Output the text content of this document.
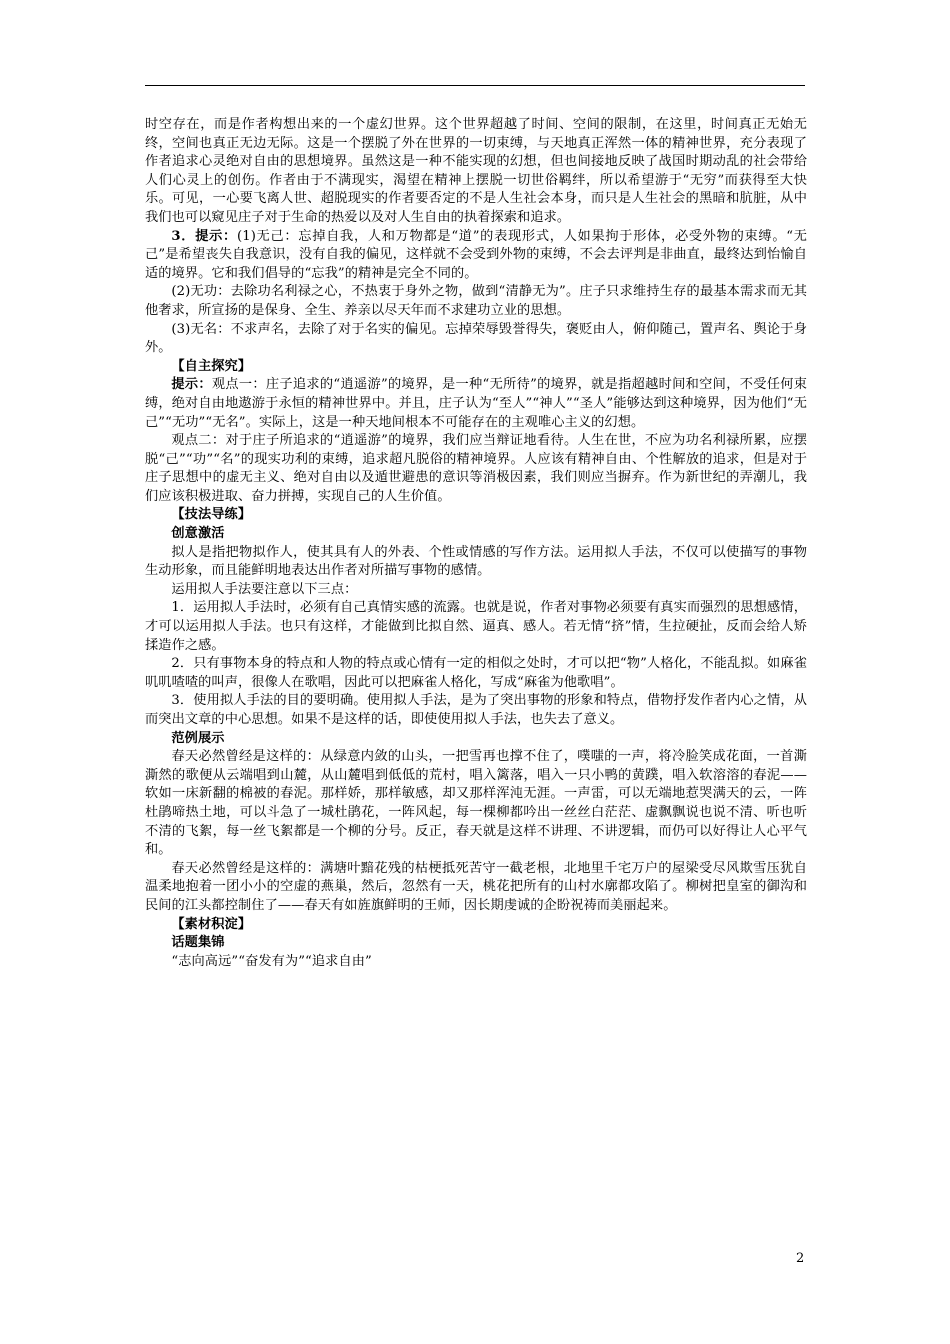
时空存在，而是作者构想出来的一个虚幻世界。这个世界超越了时间、空间的限制，在这里，时间真正无始无终，空间也真正无边无际。这是一个摆脱了外在世界的一切束缚，与天地真正浑然一体的精神世界，充分表现了作者追求心灵绝对自由的思想境界。虽然这是一种不能实现的幻想，但也间接地反映了战国时期动乱的社会带给人们心灵上的创伤。作者由于不满现实，渴望在精神上摆脱一切世俗羁绊，所以希望游于“无穷”而获得至大快乐。可见，一心要飞离人世、超脱现实的作者要否定的不是人生社会本身，而只是人生社会的黑暗和肮脏，从中我们也可以窥见庄子对于生命的热爱以及对人生自由的执着探索和追求。

3．提示：(1)无己：忘掉自我，人和万物都是“道”的表现形式，人如果拘于形体，必受外物的束缚。“无己”是希望丧失自我意识，没有自我的偏见，这样就不会受到外物的束缚，不会去评判是非曲直，最终达到怡愉自适的境界。它和我们倡导的“忘我”的精神是完全不同的。

(2)无功：去除功名利禄之心，不热衷于身外之物，做到“清静无为”。庄子只求维持生存的最基本需求而无其他奢求，所宣扬的是保身、全生、养亲以尽天年而不求建功立业的思想。

(3)无名：不求声名，去除了对于名实的偏见。忘掉荣辱毁誉得失，褒贬由人，俯仰随己，置声名、舆论于身外。

【自主探究】

提示：观点一：庄子追求的“逍遥游”的境界，是一种“无所待”的境界，就是指超越时间和空间，不受任何束缚，绝对自由地遨游于永恒的精神世界中。并且，庄子认为“至人”“神人”“圣人”能够达到这种境界，因为他们“无己”“无功”“无名”。实际上，这是一种天地间根本不可能存在的主观唯心主义的幻想。

观点二：对于庄子所追求的“逍遥游”的境界，我们应当辩证地看待。人生在世，不应为功名利禄所累，应摆脱“己”“功”“名”的现实功利的束缚，追求超凡脱俗的精神境界。人应该有精神自由、个性解放的追求，但是对于庄子思想中的虚无主义、绝对自由以及遁世避患的意识等消极因素，我们则应当摒弃。作为新世纪的弄潮儿，我们应该积极进取、奋力拼搏，实现自己的人生价值。

【技法导练】

创意激活

拟人是指把物拟作人，使其具有人的外表、个性或情感的写作方法。运用拟人手法，不仅可以使描写的事物生动形象，而且能鲜明地表达出作者对所描写事物的感情。

运用拟人手法要注意以下三点：

1．运用拟人手法时，必须有自己真情实感的流露。也就是说，作者对事物必须要有真实而强烈的思想感情，才可以运用拟人手法。也只有这样，才能做到比拟自然、逼真、感人。若无情“挤”情，生拉硬扯，反而会给人矫揉造作之感。

2．只有事物本身的特点和人物的特点或心情有一定的相似之处时，才可以把“物”人格化，不能乱拟。如麻雀叽叽喳喳的叫声，很像人在歌唱，因此可以把麻雀人格化，写成“麻雀为他歌唱”。

3．使用拟人手法的目的要明确。使用拟人手法，是为了突出事物的形象和特点，借物抒发作者内心之情，从而突出文章的中心思想。如果不是这样的话，即使使用拟人手法，也失去了意义。

范例展示

春天必然曾经是这样的：从绿意内敛的山头，一把雪再也撑不住了，噗嗤的一声，将冷脸笑成花面，一首澌澌然的歌便从云端唱到山麓，从山麓唱到低低的荒村，唱入篱落，唱入一只小鸭的黄蹼，唱入软溶溶的春泥——软如一床新翻的棉被的春泥。那样娇，那样敏感，却又那样浑沌无涯。一声雷，可以无端地惹哭满天的云，一阵杜鹃啼热土地，可以斗急了一城杜鹃花，一阵风起，每一棵柳都吟出一丝丝白茫茫、虚飘飘说也说不清、听也听不清的飞絮，每一丝飞絮都是一个柳的分号。反正，春天就是这样不讲理、不讲逻辑，而仍可以好得让人心平气和。

春天必然曾经是这样的：满塘叶黯花残的枯梗抵死苦守一截老根，北地里千宅万户的屋梁受尽风欺雪压犹自温柔地抱着一团小小的空虚的燕巢，然后，忽然有一天，桃花把所有的山村水廓都攻陷了。柳树把皇室的御沟和民间的江头都控制住了——春天有如旌旗鲜明的王师，因长期虔诚的企盼祝祷而美丽起来。

【素材积淀】

话题集锦

“志向高远”“奋发有为”“追求自由”

2
